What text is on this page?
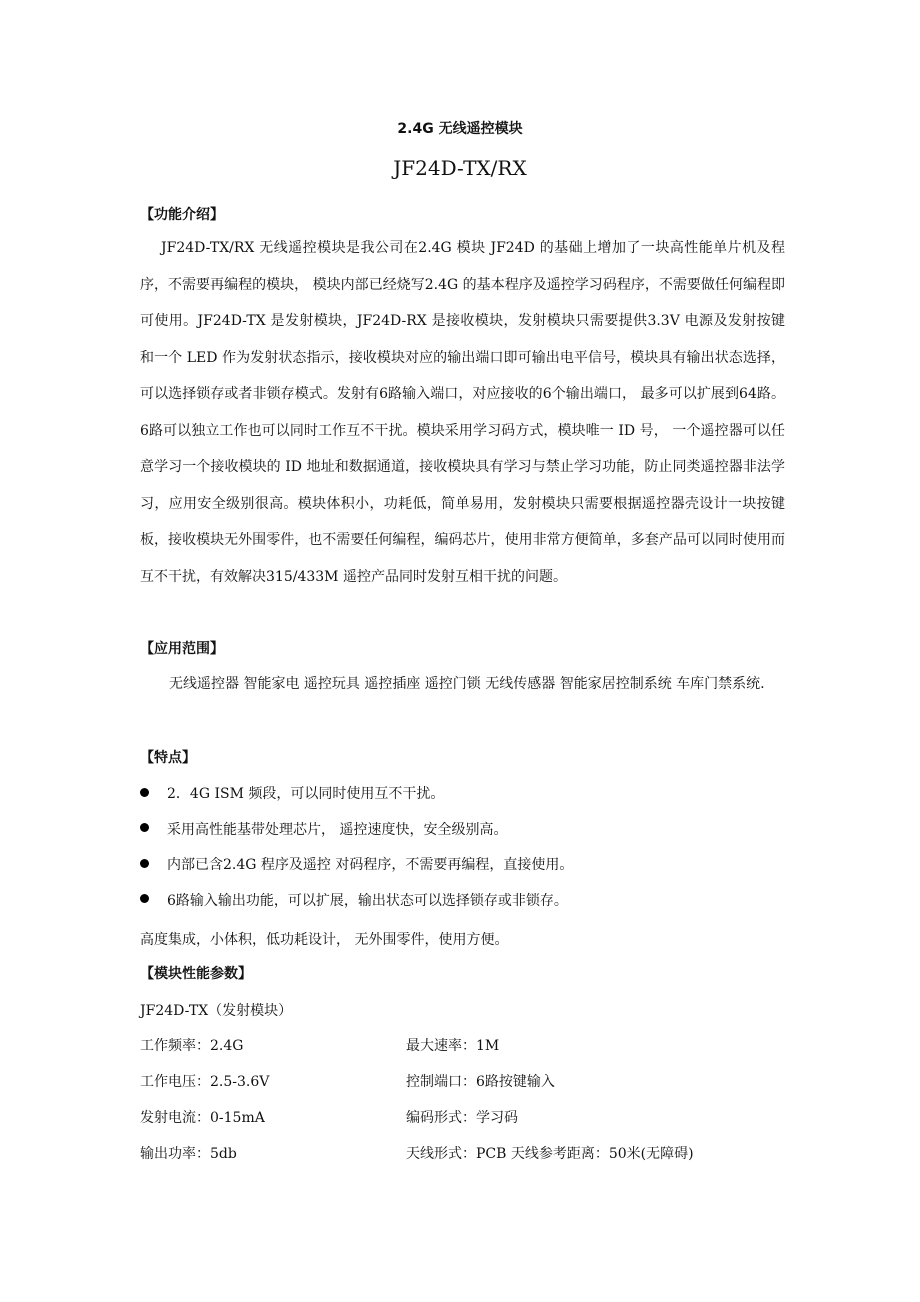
2.4G 无线遥控模块
JF24D-TX/RX
【功能介绍】

JF24D-TX/RX 无线遥控模块是我公司在2.4G 模块 JF24D 的基础上增加了一块高性能单片机及程序，不需要再编程的模块， 模块内部已经烧写2.4G 的基本程序及遥控学习码程序，不需要做任何编程即可使用。JF24D-TX 是发射模块，JF24D-RX 是接收模块，发射模块只需要提供3.3V 电源及发射按键和一个 LED 作为发射状态指示，接收模块对应的输出端口即可输出电平信号，模块具有输出状态选择，可以选择锁存或者非锁存模式。发射有6路输入端口，对应接收的6个输出端口， 最多可以扩展到64路。6路可以独立工作也可以同时工作互不干扰。模块采用学习码方式，模块唯一 ID 号， 一个遥控器可以任意学习一个接收模块的 ID 地址和数据通道，接收模块具有学习与禁止学习功能，防止同类遥控器非法学习，应用安全级别很高。模块体积小，功耗低，简单易用，发射模块只需要根据遥控器壳设计一块按键板，接收模块无外围零件，也不需要任何编程，编码芯片，使用非常方便简单，多套产品可以同时使用而互不干扰，有效解决315/433M 遥控产品同时发射互相干扰的问题。

【应用范围】

无线遥控器 智能家电 遥控玩具 遥控插座 遥控门锁 无线传感器 智能家居控制系统 车库门禁系统.

【特点】
2．4G ISM 频段，可以同时使用互不干扰。
采用高性能基带处理芯片， 遥控速度快，安全级别高。
内部已含2.4G 程序及遥控 对码程序，不需要再编程，直接使用。
6路输入输出功能，可以扩展，输出状态可以选择锁存或非锁存。
高度集成，小体积，低功耗设计， 无外围零件，使用方便。
【模块性能参数】
JF24D-TX（发射模块）
工作频率：2.4G	最大速率：1M
工作电压：2.5-3.6V	控制端口：6路按键输入
发射电流：0-15mA	编码形式：学习码
输出功率：5db	天线形式：PCB 天线参考距离：50米(无障碍)
